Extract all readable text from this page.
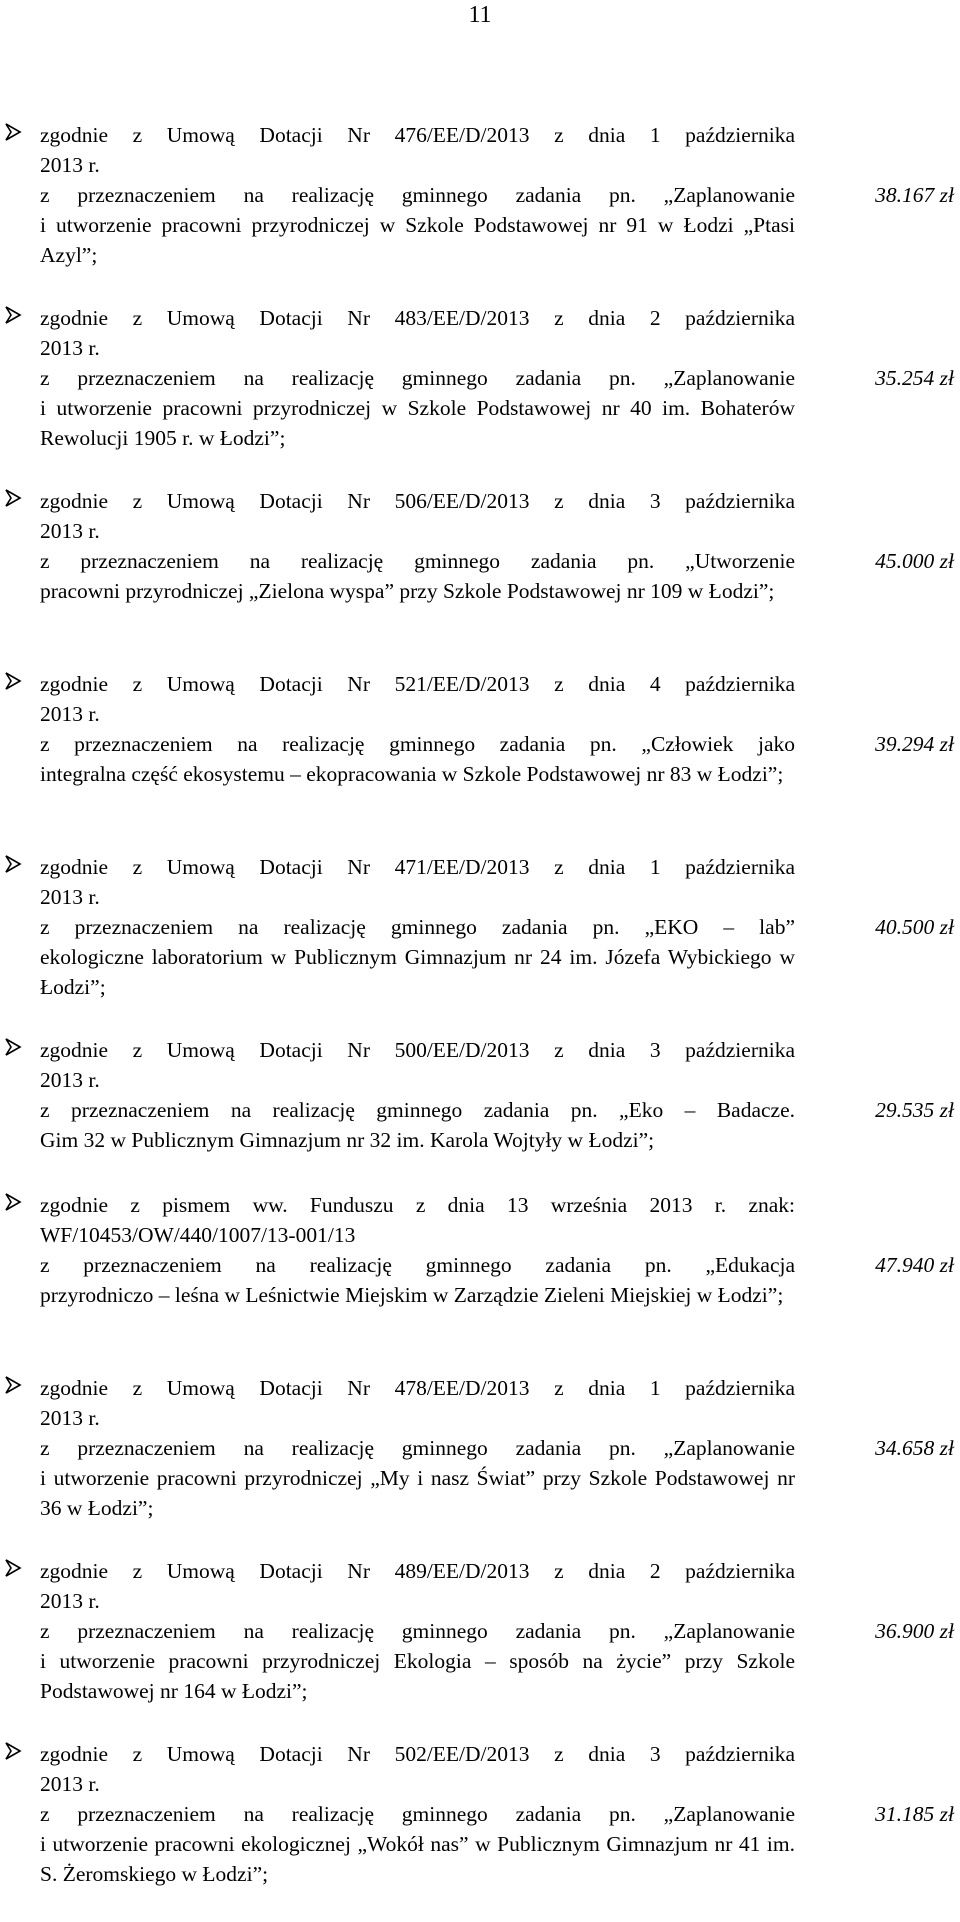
11
zgodnie z Umową Dotacji Nr 476/EE/D/2013 z dnia 1 października
2013 r.
z przeznaczeniem na realizację gminnego zadania pn. „Zaplanowanie
i utworzenie pracowni przyrodniczej w Szkole Podstawowej nr 91 w Łodzi „Ptasi Azyl”;
38.167 zł
zgodnie z Umową Dotacji Nr 483/EE/D/2013 z dnia 2 października
2013 r.
z przeznaczeniem na realizację gminnego zadania pn. „Zaplanowanie
i utworzenie pracowni przyrodniczej w Szkole Podstawowej nr 40 im. Bohaterów Rewolucji 1905 r. w Łodzi”;
35.254 zł
zgodnie z Umową Dotacji Nr 506/EE/D/2013 z dnia 3 października
2013 r.
z przeznaczeniem na realizację gminnego zadania pn. „Utworzenie
pracowni przyrodniczej „Zielona wyspa” przy Szkole Podstawowej nr 109 w Łodzi”;
45.000 zł
zgodnie z Umową Dotacji Nr 521/EE/D/2013 z dnia 4 października
2013 r.
z przeznaczeniem na realizację gminnego zadania pn. „Człowiek jako
integralna część ekosystemu – ekopracowania w Szkole Podstawowej nr 83 w Łodzi”;
39.294 zł
zgodnie z Umową Dotacji Nr 471/EE/D/2013 z dnia 1 października
2013 r.
z przeznaczeniem na realizację gminnego zadania pn. „EKO – lab”
ekologiczne laboratorium w Publicznym Gimnazjum nr 24 im. Józefa Wybickiego w Łodzi”;
40.500 zł
zgodnie z Umową Dotacji Nr 500/EE/D/2013 z dnia 3 października
2013 r.
z przeznaczeniem na realizację gminnego zadania pn. „Eko – Badacze.
Gim 32 w Publicznym Gimnazjum nr 32 im. Karola Wojtyły w Łodzi”;
29.535 zł
zgodnie z pismem ww. Funduszu z dnia 13 września 2013 r. znak:
WF/10453/OW/440/1007/13-001/13
z przeznaczeniem na realizację gminnego zadania pn. „Edukacja
przyrodniczo – leśna w Leśnictwie Miejskim w Zarządzie Zieleni Miejskiej w Łodzi”;
47.940 zł
zgodnie z Umową Dotacji Nr 478/EE/D/2013 z dnia 1 października
2013 r.
z przeznaczeniem na realizację gminnego zadania pn. „Zaplanowanie
i utworzenie pracowni przyrodniczej „My i nasz Świat” przy Szkole Podstawowej nr 36 w Łodzi”;
34.658 zł
zgodnie z Umową Dotacji Nr 489/EE/D/2013 z dnia 2 października
2013 r.
z przeznaczeniem na realizację gminnego zadania pn. „Zaplanowanie
i utworzenie pracowni przyrodniczej Ekologia – sposób na życie” przy Szkole Podstawowej nr 164 w Łodzi”;
36.900 zł
zgodnie z Umową Dotacji Nr 502/EE/D/2013 z dnia 3 października
2013 r.
z przeznaczeniem na realizację gminnego zadania pn. „Zaplanowanie
i utworzenie pracowni ekologicznej „Wokół nas” w Publicznym Gimnazjum nr 41 im. S. Żeromskiego w Łodzi”;
31.185 zł
